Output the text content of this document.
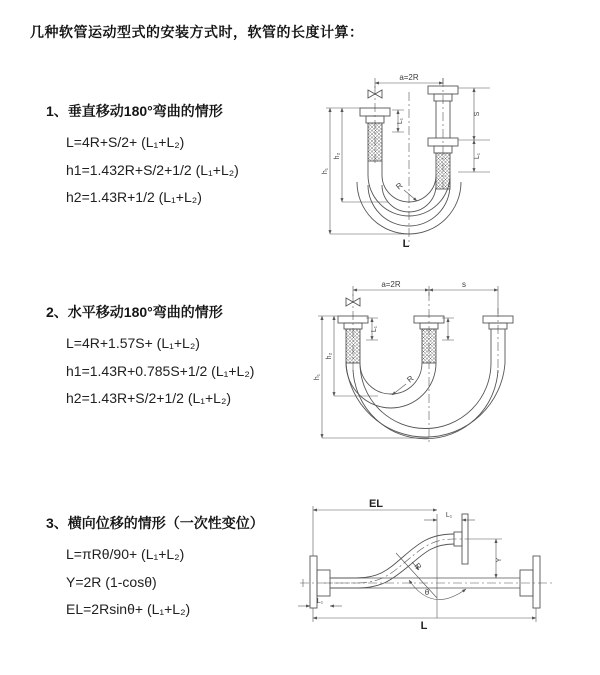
几种软管运动型式的安装方式时，软管的长度计算：
1、垂直移动180°弯曲的情形
L=4R+S/2+ (L₁+L₂)
h1=1.432R+S/2+1/2 (L₁+L₂)
h2=1.43R+1/2 (L₁+L₂)
2、水平移动180°弯曲的情形
L=4R+1.57S+ (L₁+L₂)
h1=1.43R+0.785S+1/2 (L₁+L₂)
h2=1.43R+S/2+1/2 (L₁+L₂)
3、横向位移的情形（一次性变位）
L=πRθ/90+ (L₁+L₂)
Y=2R (1-cosθ)
EL=2Rsinθ+ (L₁+L₂)
a=2R
L₁
h₁
h₂
S
L₁
R
L
a=2R	s
L₁
h₁
h₂
R
EL
L₁
Y
R
θ
L
L₁
